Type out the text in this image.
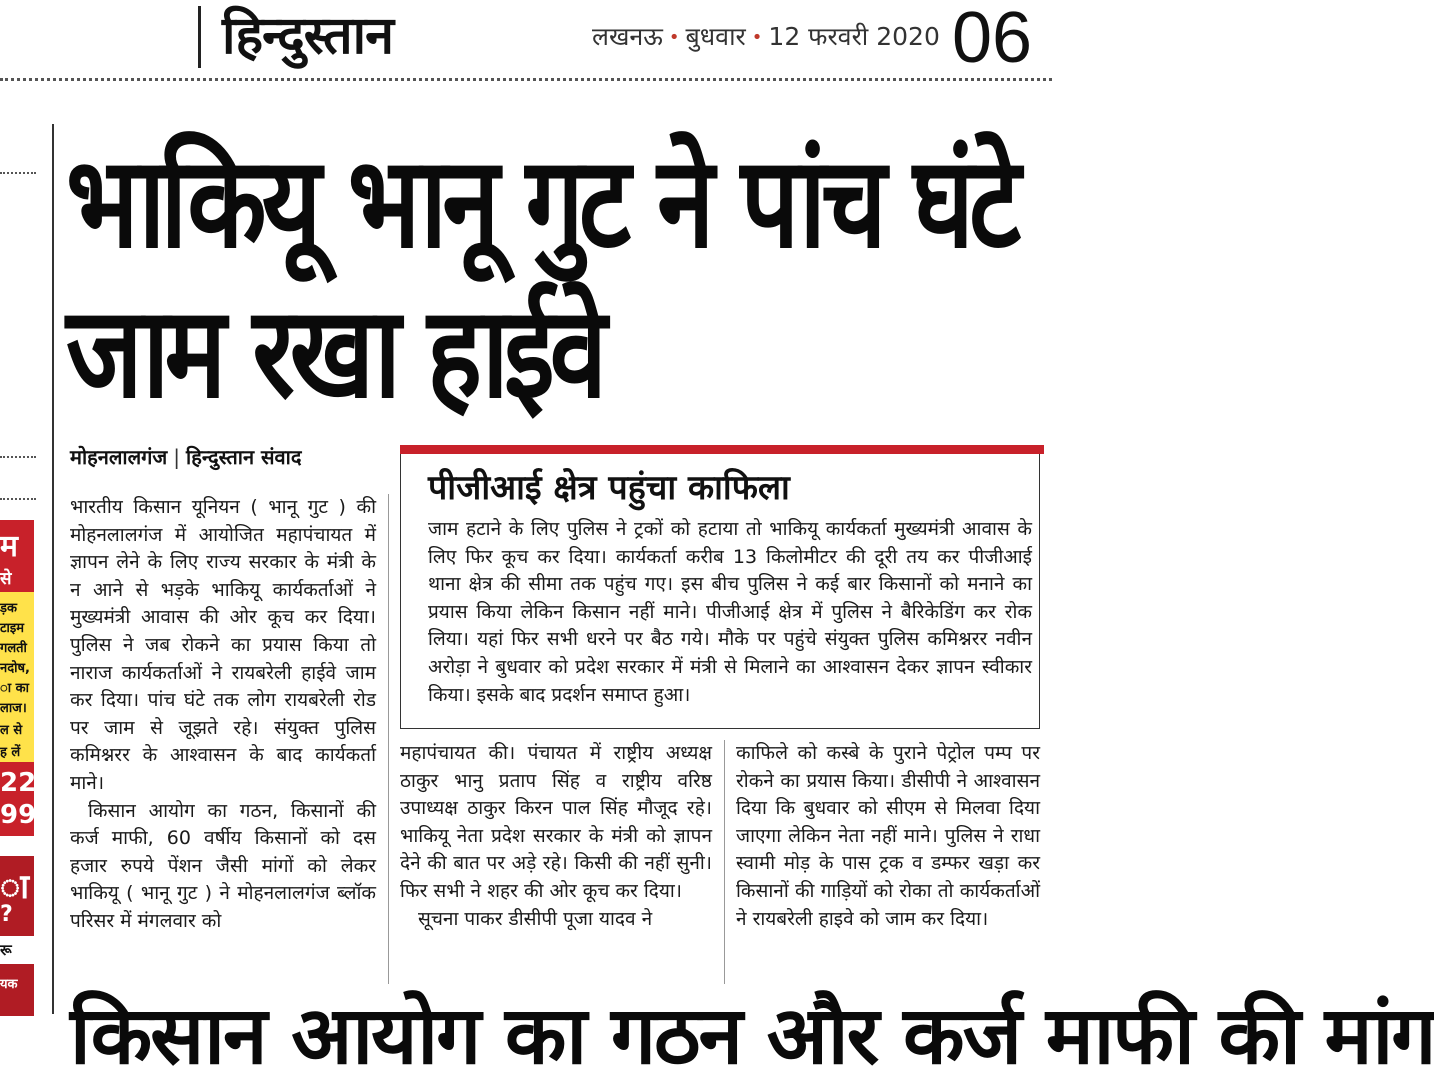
हिन्दुस्तान	लखनऊ • बुधवार • 12 फरवरी 2020 06
म
से
ड़क
टाइम
गलती
नदोष,
ा का
लाज।
ल से
ह लें
22
99
ा
?
रू
यक
भाकियू भानू गुट ने पांच घंटे जाम रखा हाईवे
मोहनलालगंज | हिन्दुस्तान संवाद

भारतीय किसान यूनियन ( भानू गुट ) की मोहनलालगंज में आयोजित महापंचायत में ज्ञापन लेने के लिए राज्य सरकार के मंत्री के न आने से भड़के भाकियू कार्यकर्ताओं ने मुख्यमंत्री आवास की ओर कूच कर दिया। पुलिस ने जब रोकने का प्रयास किया तो नाराज कार्यकर्ताओं ने रायबरेली हाईवे जाम कर दिया। पांच घंटे तक लोग रायबरेली रोड पर जाम से जूझते रहे। संयुक्त पुलिस कमिश्नरर के आश्वासन के बाद कार्यकर्ता माने।

किसान आयोग का गठन, किसानों की कर्ज माफी, 60 वर्षीय किसानों को दस हजार रुपये पेंशन जैसी मांगों को लेकर भाकियू ( भानू गुट ) ने मोहनलालगंज ब्लॉक परिसर में मंगलवार को

पीजीआई क्षेत्र पहुंचा काफिला

जाम हटाने के लिए पुलिस ने ट्रकों को हटाया तो भाकियू कार्यकर्ता मुख्यमंत्री आवास के लिए फिर कूच कर दिया। कार्यकर्ता करीब 13 किलोमीटर की दूरी तय कर पीजीआई थाना क्षेत्र की सीमा तक पहुंच गए। इस बीच पुलिस ने कई बार किसानों को मनाने का प्रयास किया लेकिन किसान नहीं माने। पीजीआई क्षेत्र में पुलिस ने बैरिकेडिंग कर रोक लिया। यहां फिर सभी धरने पर बैठ गये। मौके पर पहुंचे संयुक्त पुलिस कमिश्नरर नवीन अरोड़ा ने बुधवार को प्रदेश सरकार में मंत्री से मिलाने का आश्वासन देकर ज्ञापन स्वीकार किया। इसके बाद प्रदर्शन समाप्त हुआ।

महापंचायत की। पंचायत में राष्ट्रीय अध्यक्ष ठाकुर भानु प्रताप सिंह व राष्ट्रीय वरिष्ठ उपाध्यक्ष ठाकुर किरन पाल सिंह मौजूद रहे। भाकियू नेता प्रदेश सरकार के मंत्री को ज्ञापन देने की बात पर अड़े रहे। किसी की नहीं सुनी। फिर सभी ने शहर की ओर कूच कर दिया।

सूचना पाकर डीसीपी पूजा यादव ने

काफिले को कस्बे के पुराने पेट्रोल पम्प पर रोकने का प्रयास किया। डीसीपी ने आश्वासन दिया कि बुधवार को सीएम से मिलवा दिया जाएगा लेकिन नेता नहीं माने। पुलिस ने राधा स्वामी मोड़ के पास ट्रक व डम्फर खड़ा कर किसानों की गाड़ियों को रोका तो कार्यकर्ताओं ने रायबरेली हाइवे को जाम कर दिया।

किसान आयोग का गठन और कर्ज माफी की मांग
